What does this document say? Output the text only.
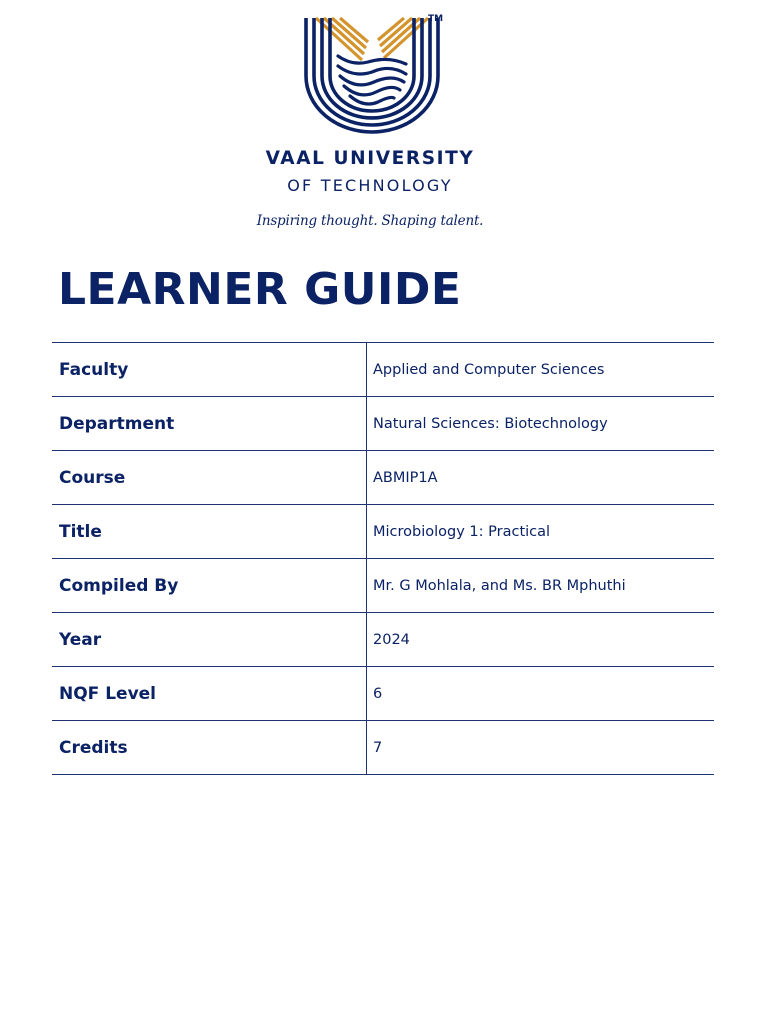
TM
VAAL UNIVERSITY
OF TECHNOLOGY
Inspiring thought. Shaping talent.
LEARNER GUIDE
Faculty	Applied and Computer Sciences
Department	Natural Sciences: Biotechnology
Course	ABMIP1A
Title	Microbiology 1: Practical
Compiled By	Mr. G Mohlala, and Ms. BR Mphuthi
Year	2024
NQF Level	6
Credits	7
